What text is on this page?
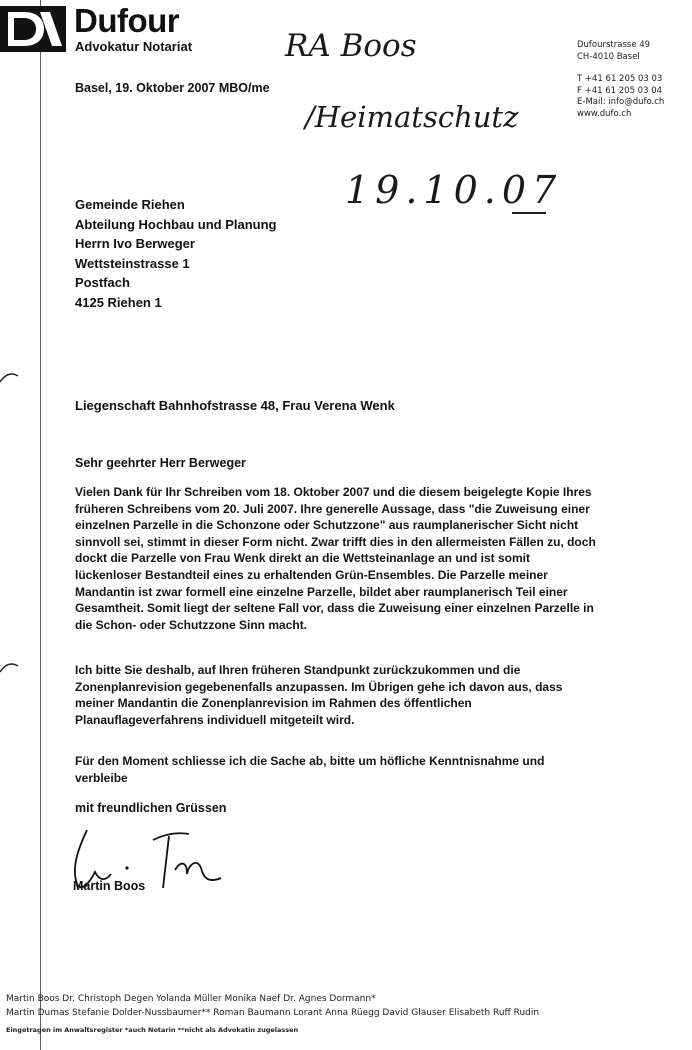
Dufour
Advokatur Notariat	Dufourstrasse 49
CH-4010 Basel
T +41 61 205 03 03
F +41 61 205 03 04
E-Mail: info@dufo.ch
www.dufo.ch
Basel, 19. Oktober 2007 MBO/me
RA Boos
/Heimatschutz
19.10.07
Gemeinde Riehen
Abteilung Hochbau und Planung
Herrn Ivo Berweger
Wettsteinstrasse 1
Postfach
4125 Riehen 1
Liegenschaft Bahnhofstrasse 48, Frau Verena Wenk
Sehr geehrter Herr Berweger
Vielen Dank für Ihr Schreiben vom 18. Oktober 2007 und die diesem beigelegte Kopie Ihres früheren Schreibens vom 20. Juli 2007. Ihre generelle Aussage, dass "die Zuweisung einer einzelnen Parzelle in die Schonzone oder Schutzzone" aus raumplanerischer Sicht nicht sinnvoll sei, stimmt in dieser Form nicht. Zwar trifft dies in den allermeisten Fällen zu, doch dockt die Parzelle von Frau Wenk direkt an die Wettsteinanlage an und ist somit lückenloser Bestandteil eines zu erhaltenden Grün-Ensembles. Die Parzelle meiner Mandantin ist zwar formell eine einzelne Parzelle, bildet aber raumplanerisch Teil einer Gesamtheit. Somit liegt der seltene Fall vor, dass die Zuweisung einer einzelnen Parzelle in die Schon- oder Schutzzone Sinn macht.
Ich bitte Sie deshalb, auf Ihren früheren Standpunkt zurückzukommen und die Zonenplanrevision gegebenenfalls anzupassen. Im Übrigen gehe ich davon aus, dass meiner Mandantin die Zonenplanrevision im Rahmen des öffentlichen Planauflageverfahrens individuell mitgeteilt wird.
Für den Moment schliesse ich die Sache ab, bitte um höfliche Kenntnisnahme und verbleibe
mit freundlichen Grüssen
Martin Boos
Martin Boos Dr. Christoph Degen Yolanda Müller Monika Naef Dr. Agnes Dormann*
Martin Dumas Stefanie Dolder-Nussbaumer** Roman Baumann Lorant Anna Rüegg David Glauser Elisabeth Ruff Rudin
Eingetragen im Anwaltsregister *auch Notarin **nicht als Advokatin zugelassen
